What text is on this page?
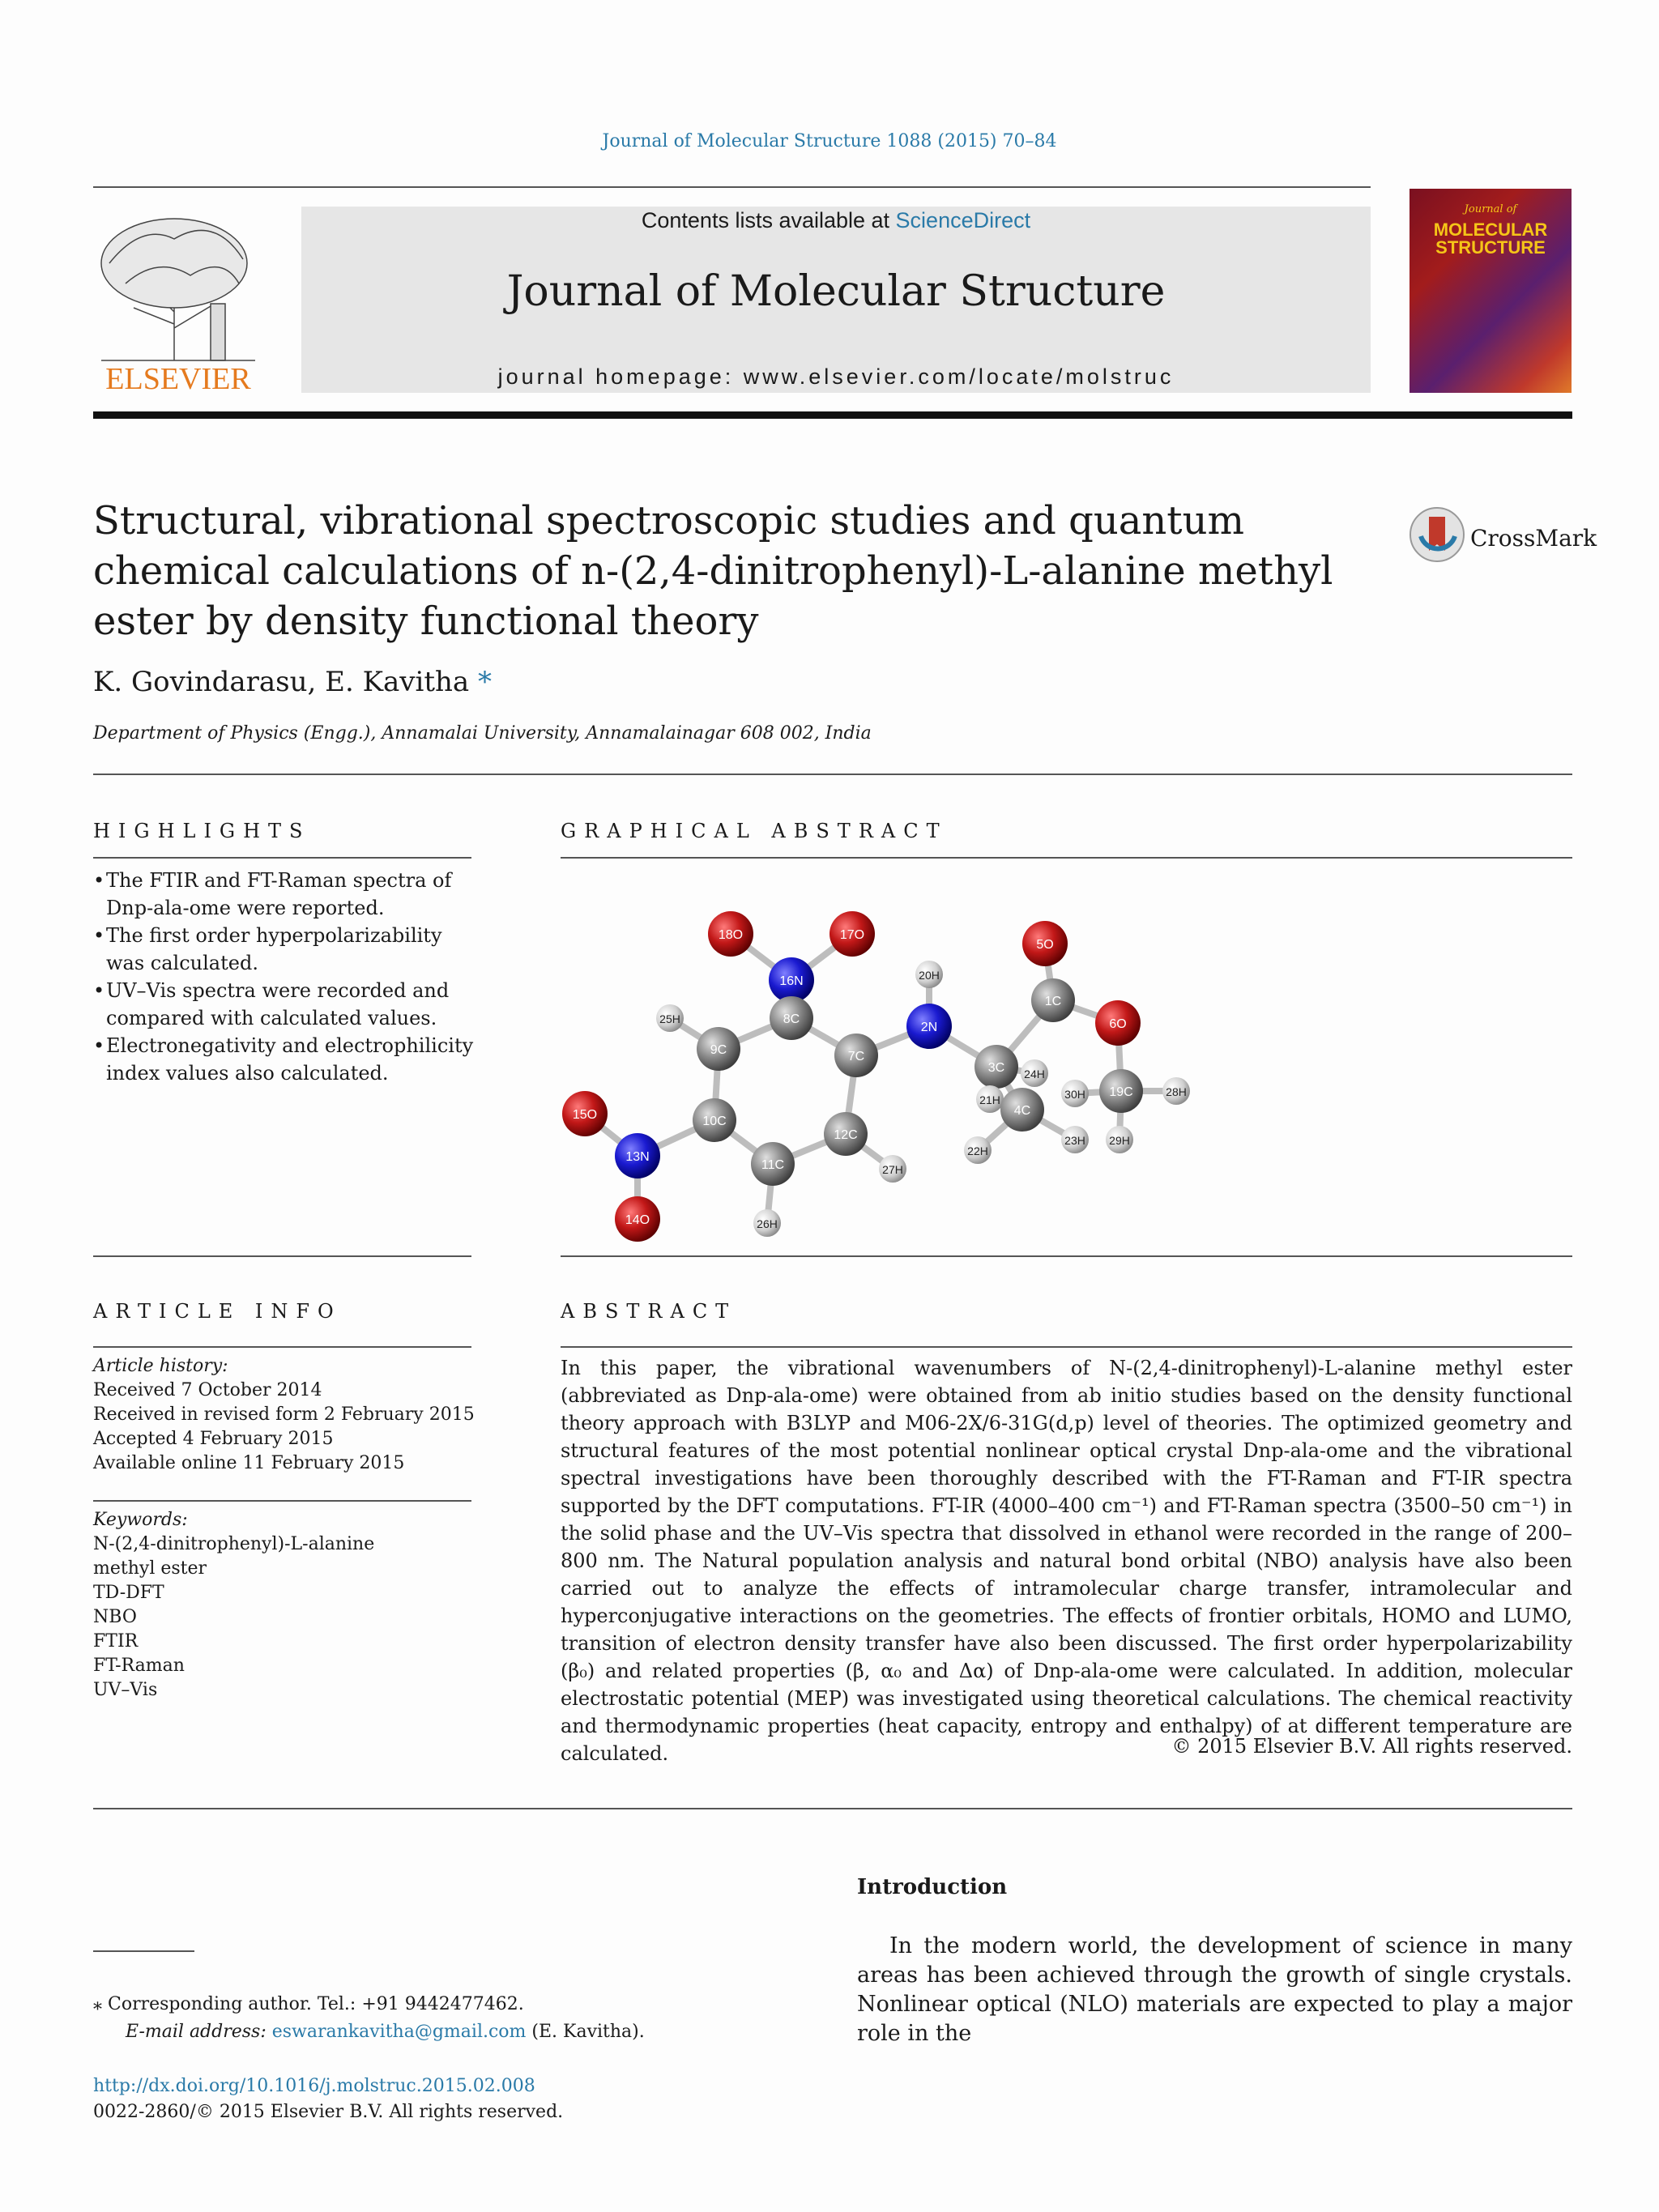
Journal of Molecular Structure 1088 (2015) 70–84
ELSEVIER
Contents lists available at ScienceDirect
Journal of Molecular Structure
journal homepage: www.elsevier.com/locate/molstruc
Journal of
MOLECULAR
STRUCTURE
Structural, vibrational spectroscopic studies and quantum chemical calculations of n-(2,4-dinitrophenyl)-L-alanine methyl ester by density functional theory
CrossMark
K. Govindarasu, E. Kavitha *
Department of Physics (Engg.), Annamalai University, Annamalainagar 608 002, India
HIGHLIGHTS
• The FTIR and FT-Raman spectra of Dnp-ala-ome were reported.
• The first order hyperpolarizability was calculated.
• UV–Vis spectra were recorded and compared with calculated values.
• Electronegativity and electrophilicity index values also calculated.
GRAPHICAL ABSTRACT
18O
16N
17O
20H
5O
1C
25H	8C
9C
2N	6O
7C
3C 24H
28H
15O	10C
21H
4C
30H 19C
13N
12C
22H
23H 29H
11C	27H
14O	26H
ARTICLE INFO
Article history:
Received 7 October 2014
Received in revised form 2 February 2015
Accepted 4 February 2015
Available online 11 February 2015
Keywords:
N-(2,4-dinitrophenyl)-L-alanine methyl ester
TD-DFT
NBO
FTIR
FT-Raman
UV–Vis
ABSTRACT
In this paper, the vibrational wavenumbers of N-(2,4-dinitrophenyl)-L-alanine methyl ester (abbreviated as Dnp-ala-ome) were obtained from ab initio studies based on the density functional theory approach with B3LYP and M06-2X/6-31G(d,p) level of theories. The optimized geometry and structural features of the most potential nonlinear optical crystal Dnp-ala-ome and the vibrational spectral investigations have been thoroughly described with the FT-Raman and FT-IR spectra supported by the DFT computations. FT-IR (4000–400 cm⁻¹) and FT-Raman spectra (3500–50 cm⁻¹) in the solid phase and the UV–Vis spectra that dissolved in ethanol were recorded in the range of 200–800 nm. The Natural population analysis and natural bond orbital (NBO) analysis have also been carried out to analyze the effects of intramolecular charge transfer, intramolecular and hyperconjugative interactions on the geometries. The effects of frontier orbitals, HOMO and LUMO, transition of electron density transfer have also been discussed. The first order hyperpolarizability (β₀) and related properties (β, α₀ and Δα) of Dnp-ala-ome were calculated. In addition, molecular electrostatic potential (MEP) was investigated using theoretical calculations. The chemical reactivity and thermodynamic properties (heat capacity, entropy and enthalpy) of at different temperature are calculated.	© 2015 Elsevier B.V. All rights reserved.
Introduction
In the modern world, the development of science in many areas has been achieved through the growth of single crystals. Nonlinear optical (NLO) materials are expected to play a major role in the
⁎ Corresponding author. Tel.: +91 9442477462.
E-mail address: eswarankavitha@gmail.com (E. Kavitha).
http://dx.doi.org/10.1016/j.molstruc.2015.02.008
0022-2860/© 2015 Elsevier B.V. All rights reserved.
